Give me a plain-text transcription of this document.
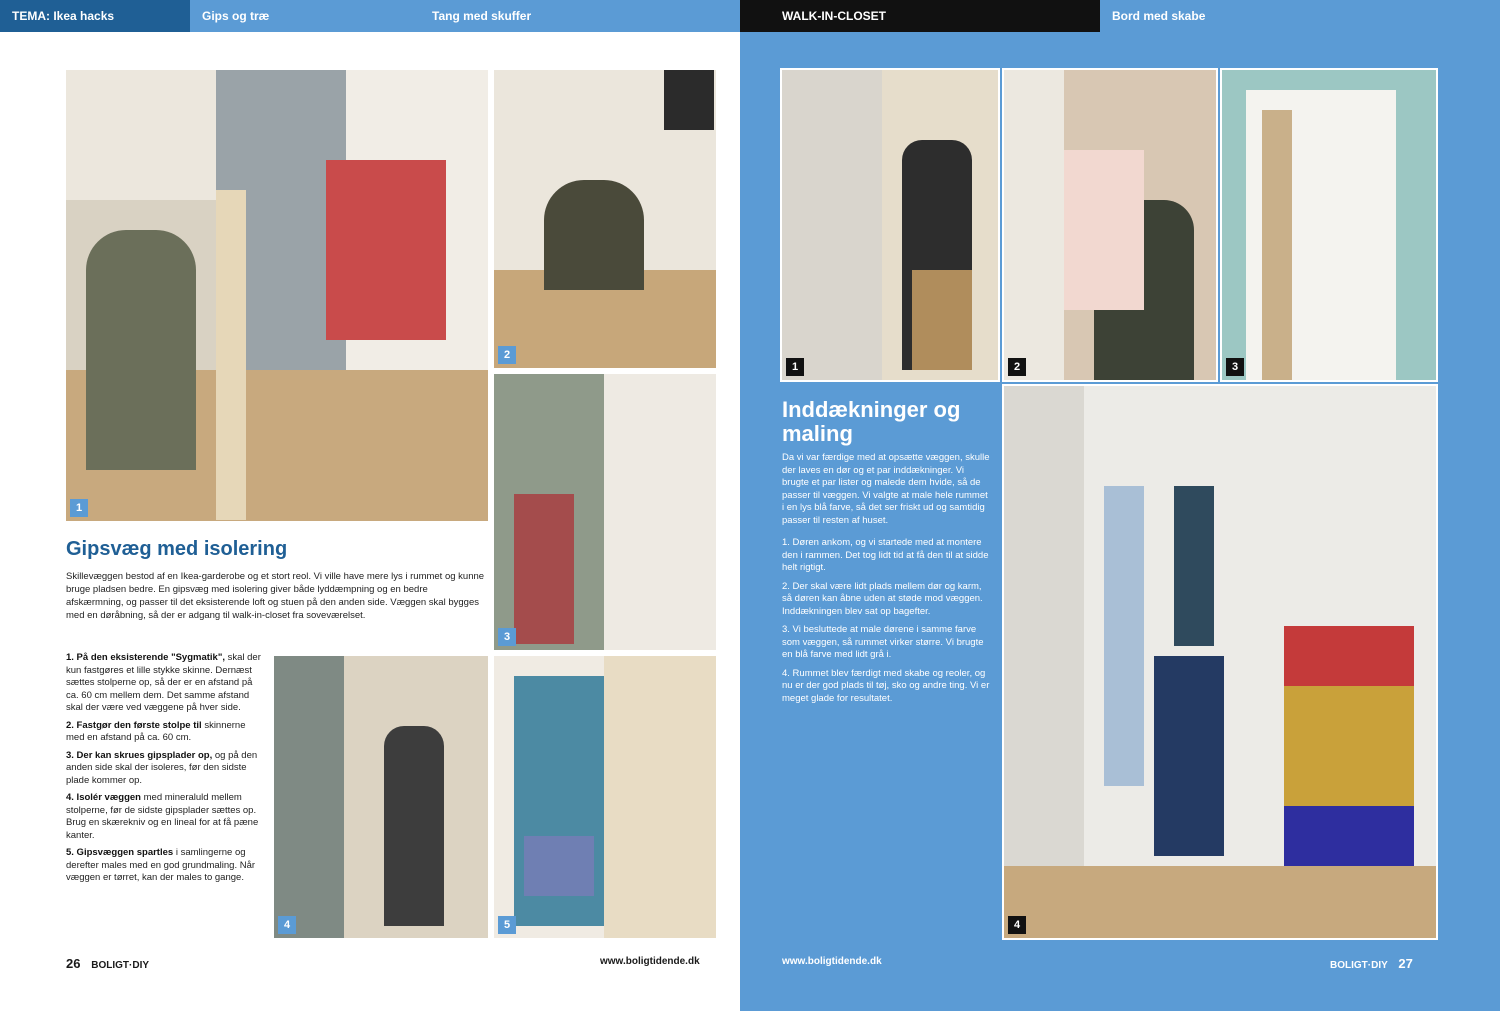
TEMA: Ikea hacks	Gips og træ	Tang med skuffer	WALK-IN-CLOSET	Bord med skabe
1
2
3
4	5
Gipsvæg med isolering
Skillevæggen bestod af en Ikea-garderobe og et stort reol. Vi ville have mere lys i rummet og kunne bruge pladsen bedre. En gipsvæg med isolering giver både lyddæmpning og en bedre afskærmning, og passer til det eksisterende loft og stuen på den anden side. Væggen skal bygges med en døråbning, så der er adgang til walk-in-closet fra soveværelset.

1. På den eksisterende "Sygmatik", skal der kun fastgøres et lille stykke skinne. Dernæst sættes stolperne op, så der er en afstand på ca. 60 cm mellem dem. Det samme afstand skal der være ved væggene på hver side.

2. Fastgør den første stolpe til skinnerne med en afstand på ca. 60 cm.

3. Der kan skrues gipsplader op, og på den anden side skal der isoleres, før den sidste plade kommer op.

4. Isolér væggen med mineraluld mellem stolperne, før de sidste gipsplader sættes op. Brug en skærekniv og en lineal for at få pæne kanter.

5. Gipsvæggen spartles i samlingerne og derefter males med en god grundmaling. Når væggen er tørret, kan der males to gange.

1	2	3
4
Inddækninger og maling

Da vi var færdige med at opsætte væggen, skulle der laves en dør og et par inddækninger. Vi brugte et par lister og malede dem hvide, så de passer til væggen. Vi valgte at male hele rummet i en lys blå farve, så det ser friskt ud og samtidig passer til resten af huset.

1. Døren ankom, og vi startede med at montere den i rammen. Det tog lidt tid at få den til at sidde helt rigtigt.
2. Der skal være lidt plads mellem dør og karm, så døren kan åbne uden at støde mod væggen. Inddækningen blev sat op bagefter.
3. Vi besluttede at male dørene i samme farve som væggen, så rummet virker større. Vi brugte en blå farve med lidt grå i.
4. Rummet blev færdigt med skabe og reoler, og nu er der god plads til tøj, sko og andre ting. Vi er meget glade for resultatet.
26 BOLIGT·DIY	www.boligtidende.dk	www.boligtidende.dk	BOLIGT·DIY 27
